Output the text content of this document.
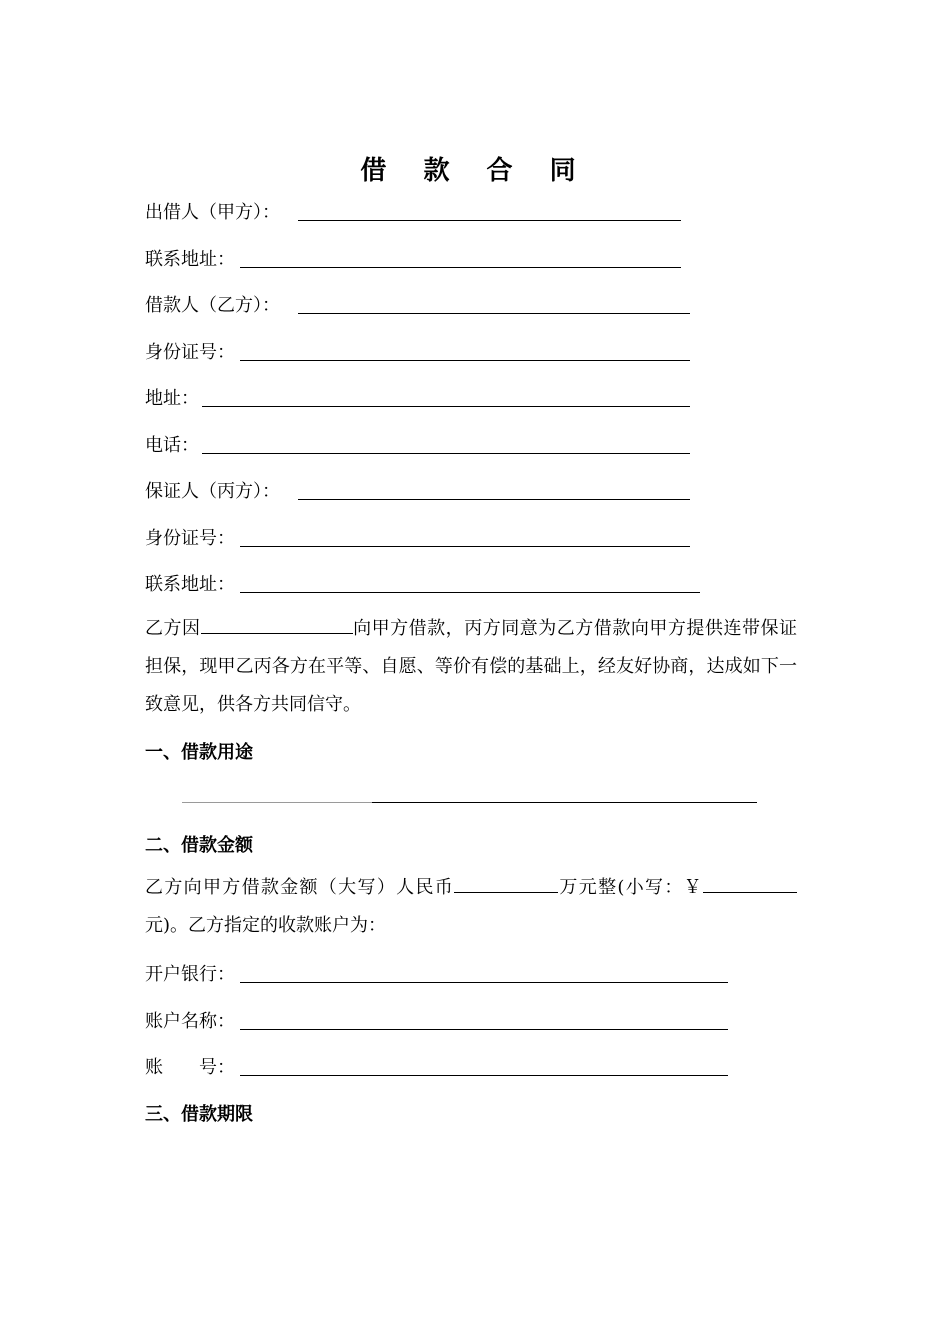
借 款 合 同
出借人（甲方）：
联系地址：
借款人（乙方）：
身份证号：
地址：
电话：
保证人（丙方）：
身份证号：
联系地址：
乙方因	向甲方借款，丙方同意为乙方借款向甲方提供连带保证担保，现甲乙丙各方在平等、自愿、等价有偿的基础上，经友好协商，达成如下一致意见，供各方共同信守。
一、借款用途
二、借款金额
乙方向甲方借款金额（大写）人民币	万元整(小写：￥元)。乙方指定的收款账户为：
开户银行：
账户名称：
账　　号：
三、借款期限
